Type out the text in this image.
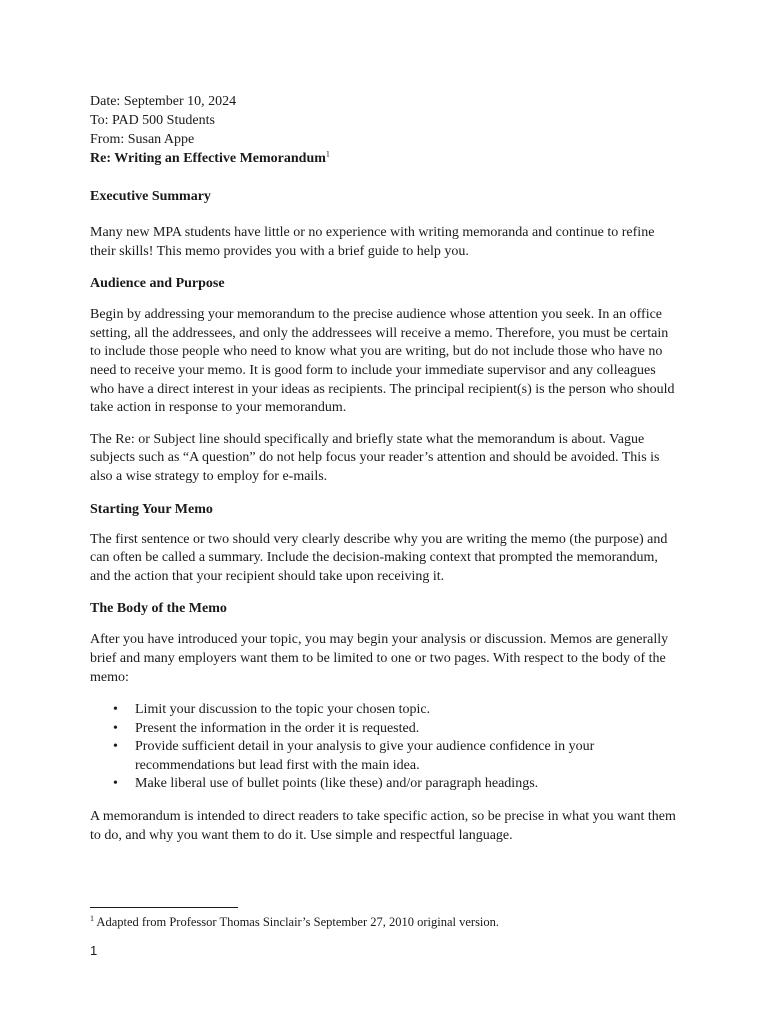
Date: September 10, 2024

To: PAD 500 Students

From: Susan Appe

Re: Writing an Effective Memorandum$^1$

Executive Summary

Many new MPA students have little or no experience with writing memoranda and continue to refine their skills! This memo provides you with a brief guide to help you.

Audience and Purpose

Begin by addressing your memorandum to the precise audience whose attention you seek. In an office setting, all the addressees, and only the addressees will receive a memo. Therefore, you must be certain to include those people who need to know what you are writing, but do not include those who have no need to receive your memo. It is good form to include your immediate supervisor and any colleagues who have a direct interest in your ideas as recipients. The principal recipient(s) is the person who should take action in response to your memorandum.

The Re: or Subject line should specifically and briefly state what the memorandum is about. Vague subjects such as “A question” do not help focus your reader’s attention and should be avoided. This is also a wise strategy to employ for e-mails.

Starting Your Memo

The first sentence or two should very clearly describe why you are writing the memo (the purpose) and can often be called a summary. Include the decision-making context that prompted the memorandum, and the action that your recipient should take upon receiving it.

The Body of the Memo

After you have introduced your topic, you may begin your analysis or discussion. Memos are generally brief and many employers want them to be limited to one or two pages. With respect to the body of the memo:

• Limit your discussion to the topic your chosen topic.
• Present the information in the order it is requested.
• Provide sufficient detail in your analysis to give your audience confidence in your recommendations but lead first with the main idea.
• Make liberal use of bullet points (like these) and/or paragraph headings.

A memorandum is intended to direct readers to take specific action, so be precise in what you want them to do, and why you want them to do it. Use simple and respectful language.

$^1$ Adapted from Professor Thomas Sinclair’s September 27, 2010 original version.
1
